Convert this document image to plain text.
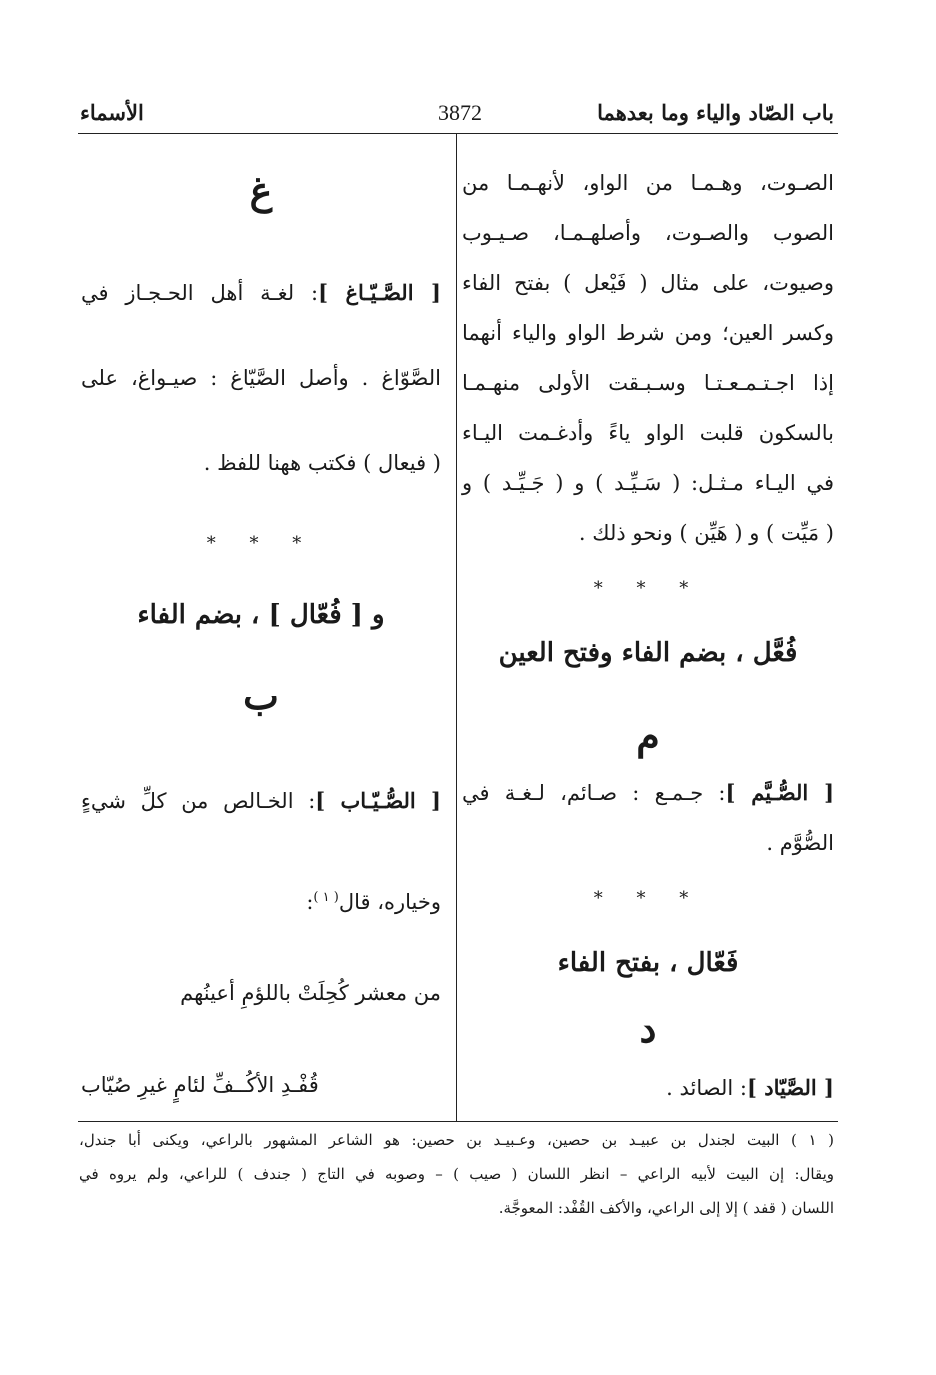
باب الصّاد والياء وما بعدهما
3872
الأسماء
الصـوت، وهـمـا من الواو، لأنهـمـا من
الصوب والصـوت، وأصلهـمـا، صـيـوب
وصيوت، على مثال ( فَيْعل ) بفتح الفاء
وكسر العين؛ ومن شرط الواو والياء أنهما
إذا اجـتـمـعـتـا وسـبـقت الأولى منهـمـا
بالسكون قلبت الواو ياءً وأدغـمت اليـاء
في اليـاء مـثـل: ( سَـيِّـد ) و ( جَـيِّـد ) و
( مَيِّت ) و ( هَيِّن ) ونحو ذلك .
* * *
فُعَّل ، بضم الفاء وفتح العين
م
[ الصُّـيَّم ]: جـمـع : صـائم، لـغـة في
الصُّوَّم .
* * *
فَعّال ، بفتح الفاء
د
[ الصَّيّاد ]: الصائد .
غ
[ الصَّـيّـاغ ]: لغـة أهل الحـجـاز في
الصَّوّاغ . وأصل الصَّيّاغ : صيـواغ، على
( فيعال ) فكتب ههنا للفظ .
* * *
و [ فُعّال ] ، بضم الفاء
ب
[ الصُّـيّـاب ]: الخـالص من كلِّ شيءٍ
وخياره، قال$^{( ١ )}$:
من معشر كُحِلَتْ باللؤمِ أعينُهم
قُفْـدِ الأكُــفِّ لئامٍ غيرِ صُيّاب
( ١ ) البيت لجندل بن عبيـد بن حصين، وعـبيـد بن حصين: هو الشاعر المشهور بالراعي، ويكنى أبا جندل،
ويقال: إن البيت لأبيه الراعي – انظر اللسان ( صيب ) – وصوبه في التاج ( جندف ) للراعي، ولم يروه في
اللسان ( قفد ) إلا إلى الراعي، والأكف القُفْد: المعوجَّة.
